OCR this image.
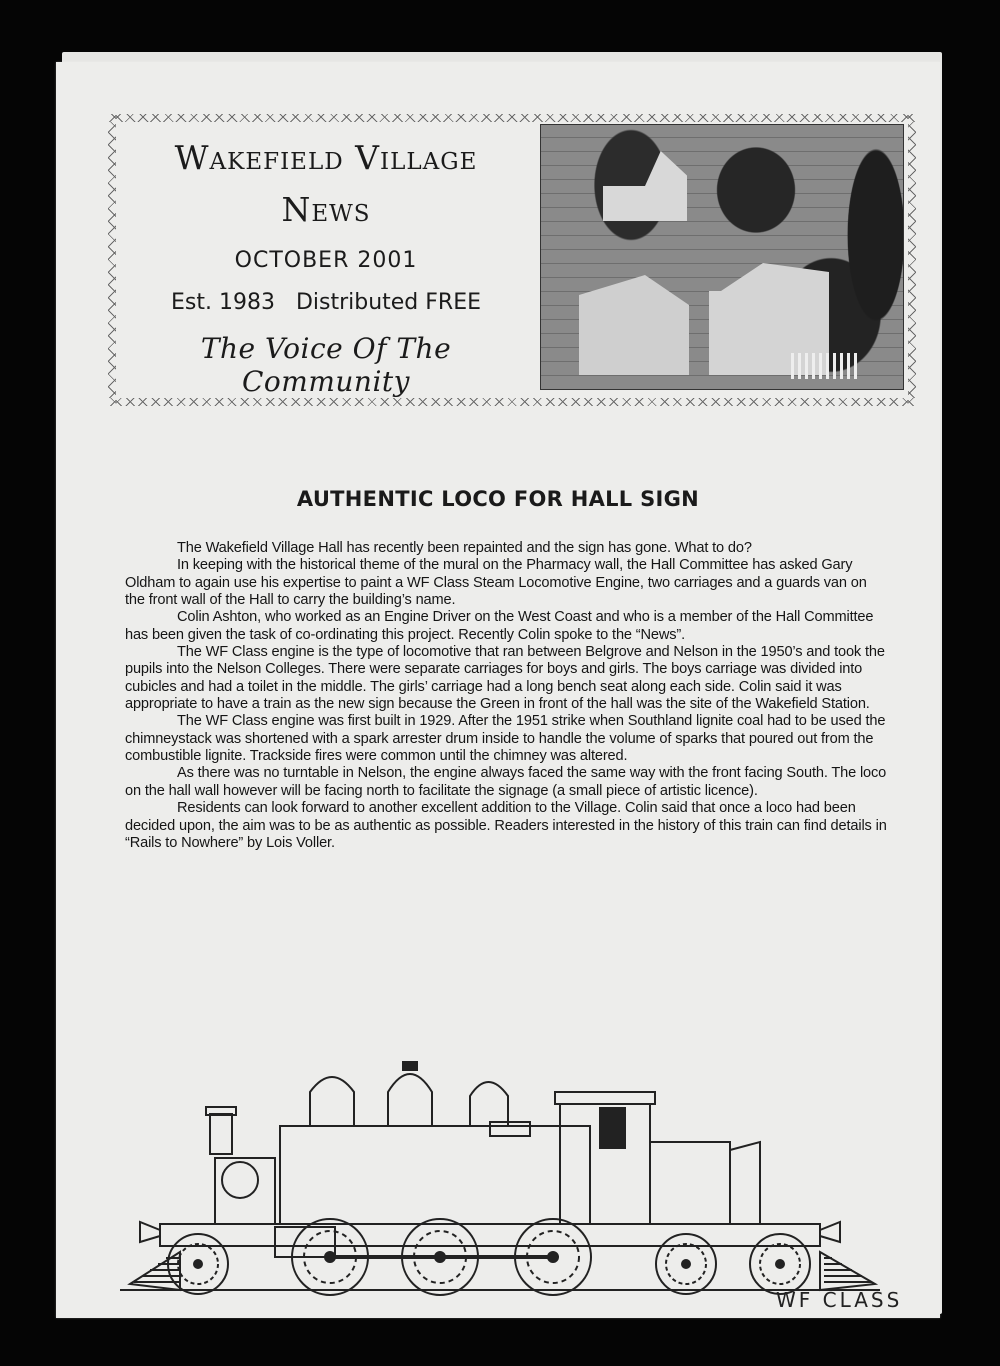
Wakefield Village
News
OCTOBER 2001
Est. 1983 Distributed FREE
The Voice Of The Community
AUTHENTIC LOCO FOR HALL SIGN

The Wakefield Village Hall has recently been repainted and the sign has gone. What to do?

In keeping with the historical theme of the mural on the Pharmacy wall, the Hall Committee has asked Gary Oldham to again use his expertise to paint a WF Class Steam Locomotive Engine, two carriages and a guards van on the front wall of the Hall to carry the building’s name.

Colin Ashton, who worked as an Engine Driver on the West Coast and who is a member of the Hall Committee has been given the task of co-ordinating this project. Recently Colin spoke to the “News”.

The WF Class engine is the type of locomotive that ran between Belgrove and Nelson in the 1950’s and took the pupils into the Nelson Colleges. There were separate carriages for boys and girls. The boys carriage was divided into cubicles and had a toilet in the middle. The girls’ carriage had a long bench seat along each side. Colin said it was appropriate to have a train as the new sign because the Green in front of the hall was the site of the Wakefield Station.

The WF Class engine was first built in 1929. After the 1951 strike when Southland lignite coal had to be used the chimneystack was shortened with a spark arrester drum inside to handle the volume of sparks that poured out from the combustible lignite. Trackside fires were common until the chimney was altered.

As there was no turntable in Nelson, the engine always faced the same way with the front facing South. The loco on the hall wall however will be facing north to facilitate the signage (a small piece of artistic licence).

Residents can look forward to another excellent addition to the Village. Colin said that once a loco had been decided upon, the aim was to be as authentic as possible. Readers interested in the history of this train can find details in “Rails to Nowhere” by Lois Voller.

WF CLASS
